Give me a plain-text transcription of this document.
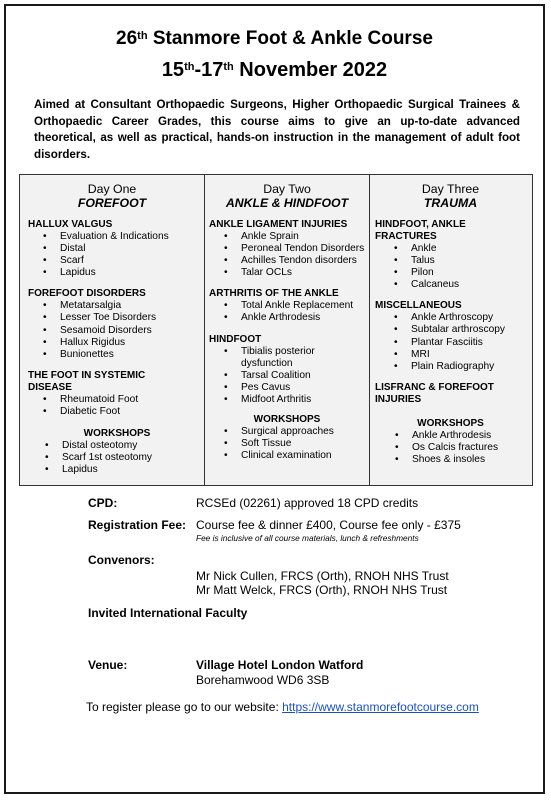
26th Stanmore Foot & Ankle Course
15th-17th November 2022
Aimed at Consultant Orthopaedic Surgeons, Higher Orthopaedic Surgical Trainees & Orthopaedic Career Grades, this course aims to give an up-to-date advanced theoretical, as well as practical, hands-on instruction in the management of adult foot disorders.
Day One
FOREFOOT
HALLUX VALGUS
• Evaluation & Indications
• Distal
• Scarf
• Lapidus
FOREFOOT DISORDERS
• Metatarsalgia
• Lesser Toe Disorders
• Sesamoid Disorders
• Hallux Rigidus
• Bunionettes
THE FOOT IN SYSTEMIC
DISEASE
• Rheumatoid Foot
• Diabetic Foot
WORKSHOPS
• Distal osteotomy
• Scarf 1st osteotomy
• Lapidus
Day Two
ANKLE & HINDFOOT
ANKLE LIGAMENT INJURIES
• Ankle Sprain
• Peroneal Tendon Disorders
• Achilles Tendon disorders
• Talar OCLs
ARTHRITIS OF THE ANKLE
• Total Ankle Replacement
• Ankle Arthrodesis
HINDFOOT
• Tibialis posterior dysfunction
• Tarsal Coalition
• Pes Cavus
• Midfoot Arthritis
WORKSHOPS
• Surgical approaches
• Soft Tissue
• Clinical examination
Day Three
TRAUMA
HINDFOOT, ANKLE
FRACTURES
• Ankle
• Talus
• Pilon
• Calcaneus
MISCELLANEOUS
• Ankle Arthroscopy
• Subtalar arthroscopy
• Plantar Fasciitis
• MRI
• Plain Radiography
LISFRANC & FOREFOOT
INJURIES
WORKSHOPS
• Ankle Arthrodesis
• Os Calcis fractures
• Shoes & insoles
CPD:	RCSEd (02261) approved 18 CPD credits
Registration Fee: Course fee & dinner £400, Course fee only - £375
Fee is inclusive of all course materials, lunch & refreshments
Convenors:
Mr Nick Cullen, FRCS (Orth), RNOH NHS Trust
Mr Matt Welck, FRCS (Orth), RNOH NHS Trust
Invited International Faculty
Venue:	Village Hotel London Watford
Borehamwood WD6 3SB
To register please go to our website: https://www.stanmorefootcourse.com
